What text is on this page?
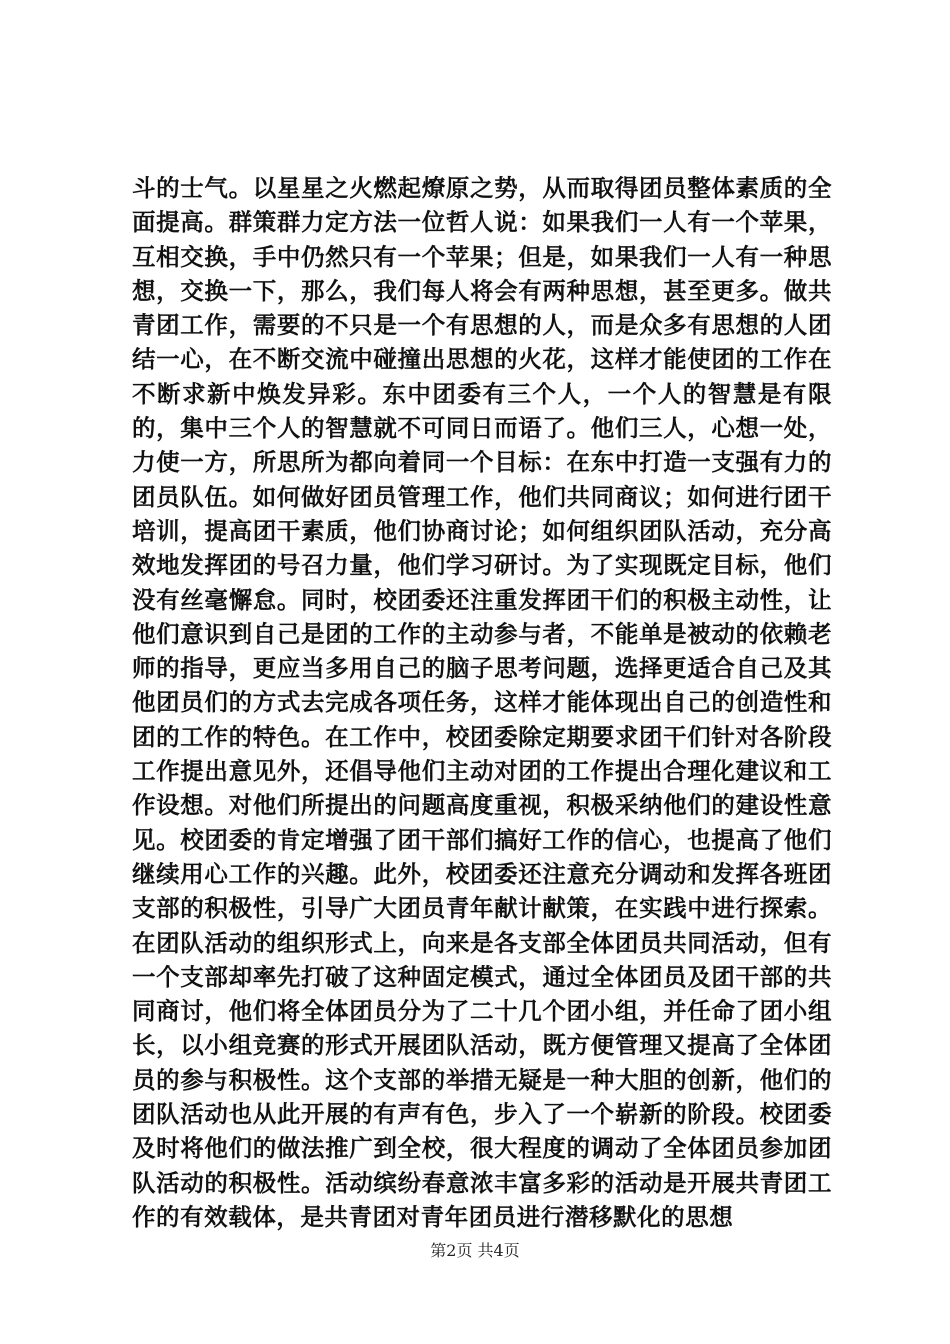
斗的士气。以星星之火燃起燎原之势，从而取得团员整体素质的全面提高。群策群力定方法一位哲人说：如果我们一人有一个苹果，互相交换，手中仍然只有一个苹果；但是，如果我们一人有一种思想，交换一下，那么，我们每人将会有两种思想，甚至更多。做共青团工作，需要的不只是一个有思想的人，而是众多有思想的人团结一心，在不断交流中碰撞出思想的火花，这样才能使团的工作在不断求新中焕发异彩。东中团委有三个人，一个人的智慧是有限的，集中三个人的智慧就不可同日而语了。他们三人，心想一处，力使一方，所思所为都向着同一个目标：在东中打造一支强有力的团员队伍。如何做好团员管理工作，他们共同商议；如何进行团干培训，提高团干素质，他们协商讨论；如何组织团队活动，充分高效地发挥团的号召力量，他们学习研讨。为了实现既定目标，他们没有丝毫懈怠。同时，校团委还注重发挥团干们的积极主动性，让他们意识到自己是团的工作的主动参与者，不能单是被动的依赖老师的指导，更应当多用自己的脑子思考问题，选择更适合自己及其他团员们的方式去完成各项任务，这样才能体现出自己的创造性和团的工作的特色。在工作中，校团委除定期要求团干们针对各阶段工作提出意见外，还倡导他们主动对团的工作提出合理化建议和工作设想。对他们所提出的问题高度重视，积极采纳他们的建设性意见。校团委的肯定增强了团干部们搞好工作的信心，也提高了他们继续用心工作的兴趣。此外，校团委还注意充分调动和发挥各班团支部的积极性，引导广大团员青年献计献策，在实践中进行探索。在团队活动的组织形式上，向来是各支部全体团员共同活动，但有一个支部却率先打破了这种固定模式，通过全体团员及团干部的共同商讨，他们将全体团员分为了二十几个团小组，并任命了团小组长，以小组竞赛的形式开展团队活动，既方便管理又提高了全体团员的参与积极性。这个支部的举措无疑是一种大胆的创新，他们的团队活动也从此开展的有声有色，步入了一个崭新的阶段。校团委及时将他们的做法推广到全校，很大程度的调动了全体团员参加团队活动的积极性。活动缤纷春意浓丰富多彩的活动是开展共青团工作的有效载体，是共青团对青年团员进行潜移默化的思想

第2页 共4页
